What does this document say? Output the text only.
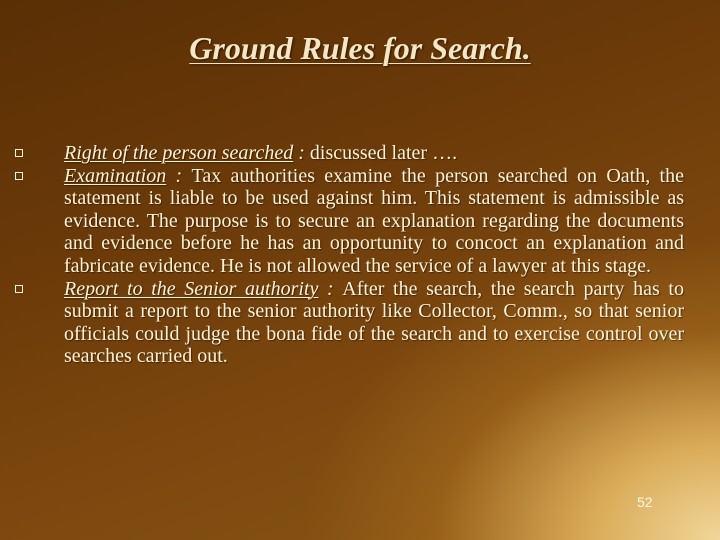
Ground Rules for Search.
Right of the person searched : discussed later ….
Examination : Tax authorities examine the person searched on Oath, the statement is liable to be used against him. This statement is admissible as evidence. The purpose is to secure an explanation regarding the documents and evidence before he has an opportunity to concoct an explanation and fabricate evidence. He is not allowed the service of a lawyer at this stage.
Report to the Senior authority : After the search, the search party has to submit a report to the senior authority like Collector, Comm., so that senior officials could judge the bona fide of the search and to exercise control over searches carried out.
52
